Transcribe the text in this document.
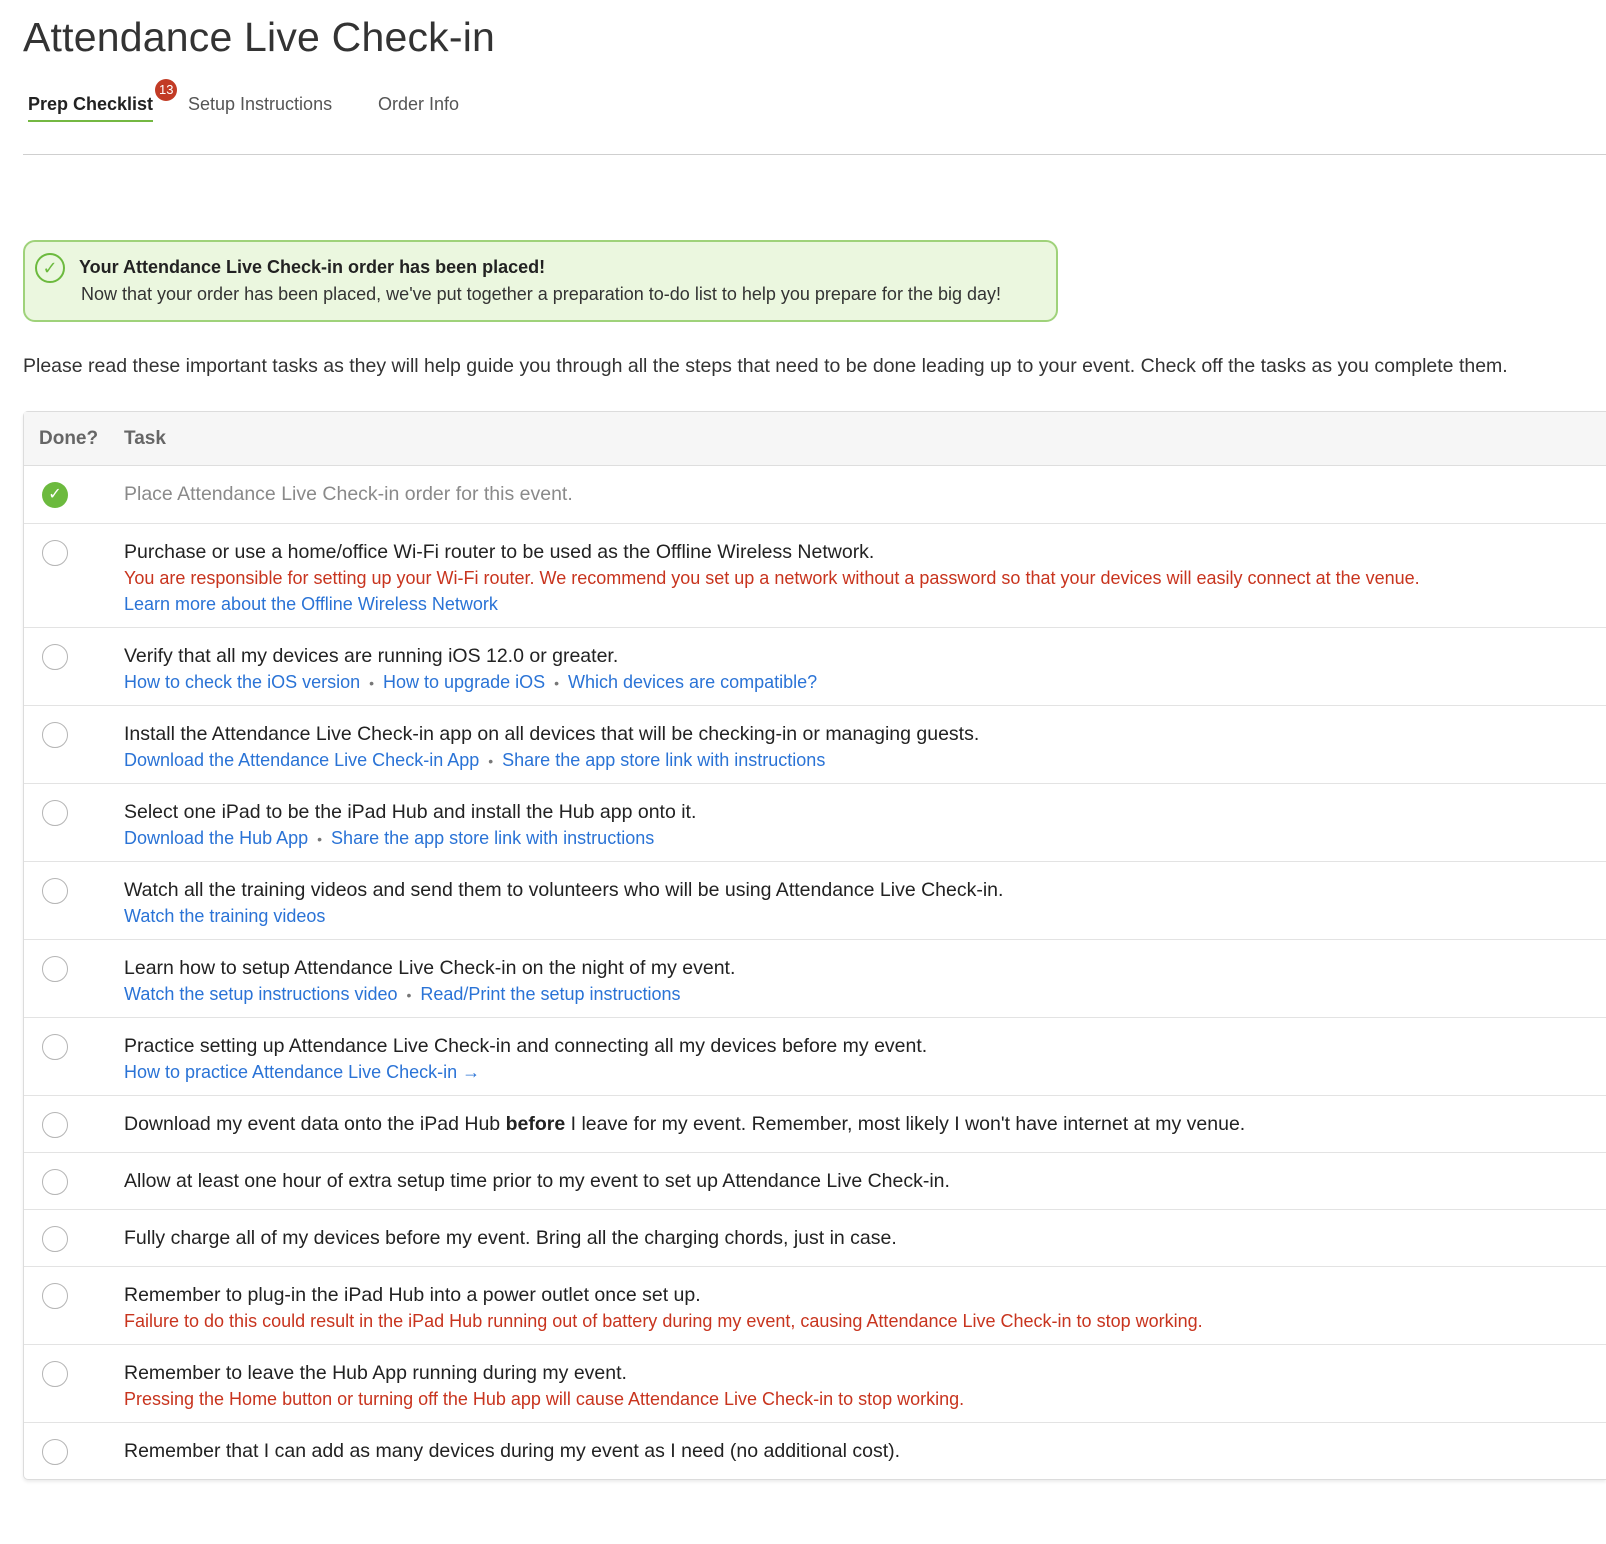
Attendance Live Check-in
Prep Checklist
13
Setup Instructions	Order Info
✓	Your Attendance Live Check-in order has been placed!
Now that your order has been placed, we've put together a preparation to-do list to help you prepare for the big day!

Please read these important tasks as they will help guide you through all the steps that need to be done leading up to your event. Check off the tasks as you complete them.

Done? Task
✓	Place Attendance Live Check-in order for this event.
Purchase or use a home/office Wi-Fi router to be used as the Offline Wireless Network.
You are responsible for setting up your Wi-Fi router. We recommend you set up a network without a password so that your devices will easily connect at the venue.
Learn more about the Offline Wireless Network
Verify that all my devices are running iOS 12.0 or greater.
How to check the iOS version • How to upgrade iOS • Which devices are compatible?
Install the Attendance Live Check-in app on all devices that will be checking-in or managing guests.
Download the Attendance Live Check-in App • Share the app store link with instructions
Select one iPad to be the iPad Hub and install the Hub app onto it.
Download the Hub App • Share the app store link with instructions
Watch all the training videos and send them to volunteers who will be using Attendance Live Check-in.
Watch the training videos
Learn how to setup Attendance Live Check-in on the night of my event.
Watch the setup instructions video • Read/Print the setup instructions
Practice setting up Attendance Live Check-in and connecting all my devices before my event.
How to practice Attendance Live Check-in →
Download my event data onto the iPad Hub before I leave for my event. Remember, most likely I won't have internet at my venue.
Allow at least one hour of extra setup time prior to my event to set up Attendance Live Check-in.
Fully charge all of my devices before my event. Bring all the charging chords, just in case.
Remember to plug-in the iPad Hub into a power outlet once set up.
Failure to do this could result in the iPad Hub running out of battery during my event, causing Attendance Live Check-in to stop working.
Remember to leave the Hub App running during my event.
Pressing the Home button or turning off the Hub app will cause Attendance Live Check-in to stop working.
Remember that I can add as many devices during my event as I need (no additional cost).
